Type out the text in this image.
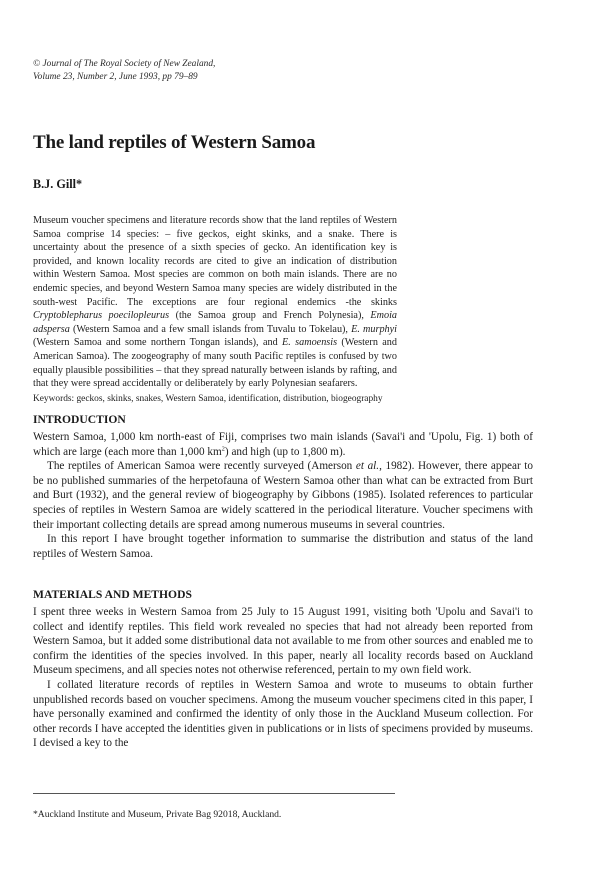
© Journal of The Royal Society of New Zealand,
Volume 23, Number 2, June 1993, pp 79–89
The land reptiles of Western Samoa
B.J. Gill*

Museum voucher specimens and literature records show that the land reptiles of Western Samoa comprise 14 species: – five geckos, eight skinks, and a snake. There is uncertainty about the presence of a sixth species of gecko. An identification key is provided, and known locality records are cited to give an indication of distribution within Western Samoa. Most species are common on both main islands. There are no endemic species, and beyond Western Samoa many species are widely distributed in the south-west Pacific. The exceptions are four regional endemics -the skinks Cryptoblepharus poecilopleurus (the Samoa group and French Polynesia), Emoia adspersa (Western Samoa and a few small islands from Tuvalu to Tokelau), E. murphyi (Western Samoa and some northern Tongan islands), and E. samoensis (Western and American Samoa). The zoogeography of many south Pacific reptiles is confused by two equally plausible possibilities – that they spread naturally between islands by rafting, and that they were spread accidentally or deliberately by early Polynesian seafarers.

Keywords: geckos, skinks, snakes, Western Samoa, identification, distribution, biogeography

INTRODUCTION

Western Samoa, 1,000 km north-east of Fiji, comprises two main islands (Savai'i and 'Upolu, Fig. 1) both of which are large (each more than 1,000 $km^2$) and high (up to 1,800 m).

The reptiles of American Samoa were recently surveyed (Amerson et al., 1982). However, there appear to be no published summaries of the herpetofauna of Western Samoa other than what can be extracted from Burt and Burt (1932), and the general review of biogeography by Gibbons (1985). Isolated references to particular species of reptiles in Western Samoa are widely scattered in the periodical literature. Voucher specimens with their important collecting details are spread among numerous museums in several countries.

In this report I have brought together information to summarise the distribution and status of the land reptiles of Western Samoa.

MATERIALS AND METHODS

I spent three weeks in Western Samoa from 25 July to 15 August 1991, visiting both 'Upolu and Savai'i to collect and identify reptiles. This field work revealed no species that had not already been reported from Western Samoa, but it added some distributional data not available to me from other sources and enabled me to confirm the identities of the species involved. In this paper, nearly all locality records based on Auckland Museum specimens, and all species notes not otherwise referenced, pertain to my own field work.

I collated literature records of reptiles in Western Samoa and wrote to museums to obtain further unpublished records based on voucher specimens. Among the museum voucher specimens cited in this paper, I have personally examined and confirmed the identity of only those in the Auckland Museum collection. For other records I have accepted the identities given in publications or in lists of specimens provided by museums. I devised a key to the

*Auckland Institute and Museum, Private Bag 92018, Auckland.
